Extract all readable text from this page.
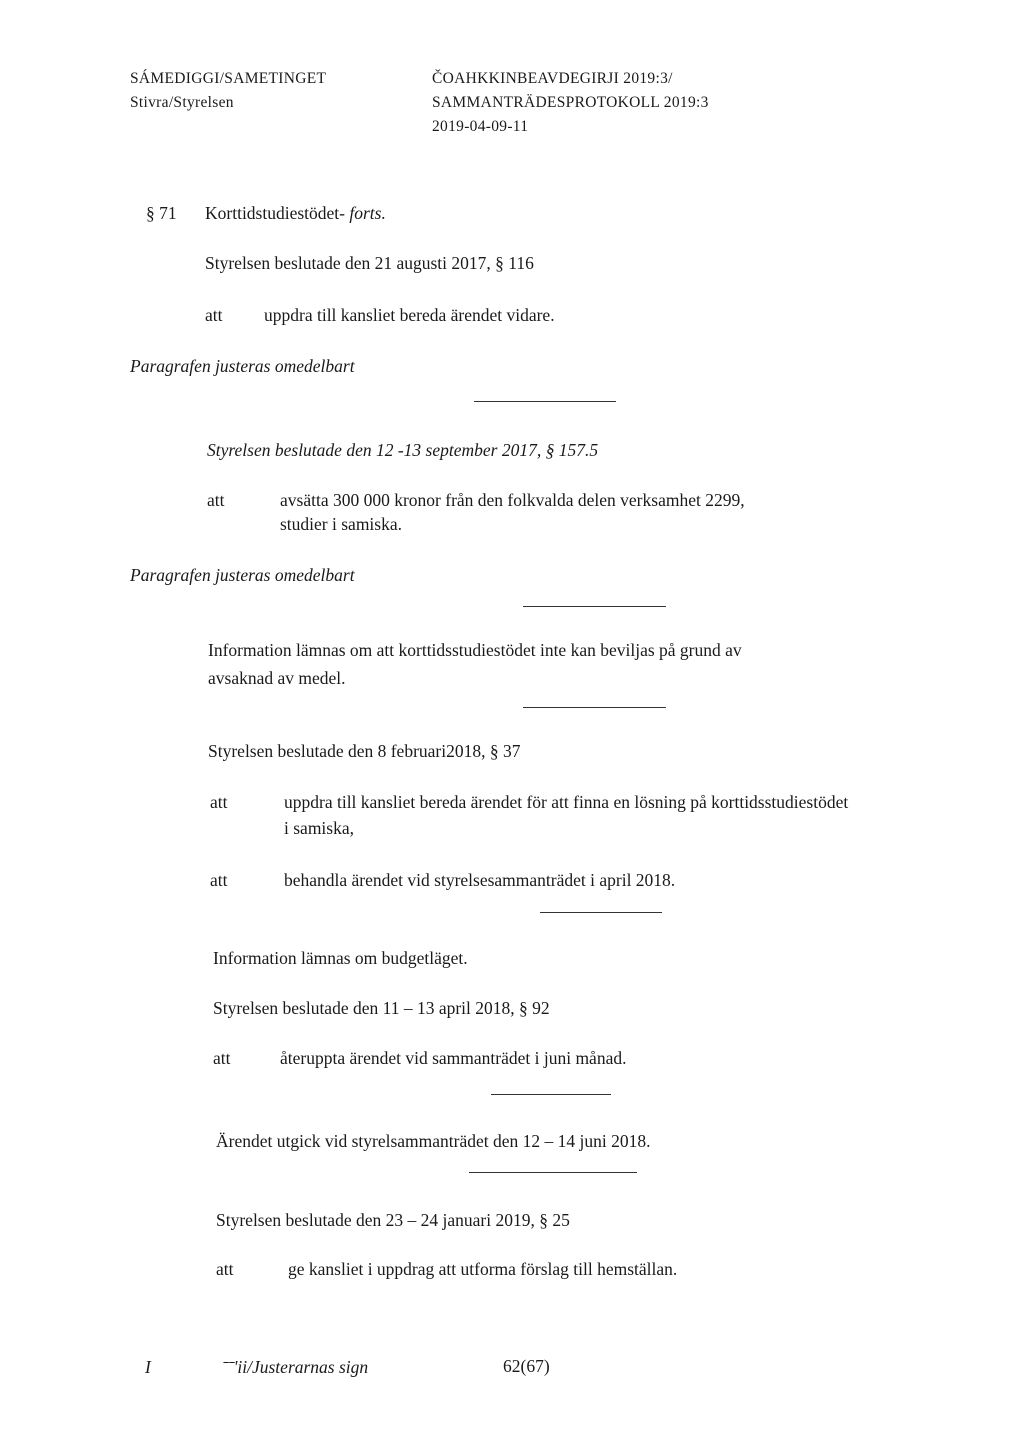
SÁMEDIGGI/SAMETINGET
Stivra/Styrelsen
ČOAHKKINBEAVDEGIRJI 2019:3/
SAMMANTRÄDESPROTOKOLL 2019:3
2019-04-09-11
§ 71 Korttidstudiestödet- forts.
Styrelsen beslutade den 21 augusti 2017, § 116
att uppdra till kansliet bereda ärendet vidare.
Paragrafen justeras omedelbart
Styrelsen beslutade den 12 -13 september 2017, § 157.5
att	avsätta 300 000 kronor från den folkvalda delen verksamhet 2299,
studier i samiska.
Paragrafen justeras omedelbart
Information lämnas om att korttidsstudiestödet inte kan beviljas på grund av
avsaknad av medel.
Styrelsen beslutade den 8 februari2018, § 37
att	uppdra till kansliet bereda ärendet för att finna en lösning på korttidsstudiestödet
i samiska,
att	behandla ärendet vid styrelsesammanträdet i april 2018.
Information lämnas om budgetläget.
Styrelsen beslutade den 11 – 13 april 2018, § 92
att	återuppta ärendet vid sammanträdet i juni månad.
Ärendet utgick vid styrelsammanträdet den 12 – 14 juni 2018.
Styrelsen beslutade den 23 – 24 januari 2019, § 25
att	ge kansliet i uppdrag att utforma förslag till hemställan.
I	ˉˉ'ii/Justerarnas sign	62(67)
